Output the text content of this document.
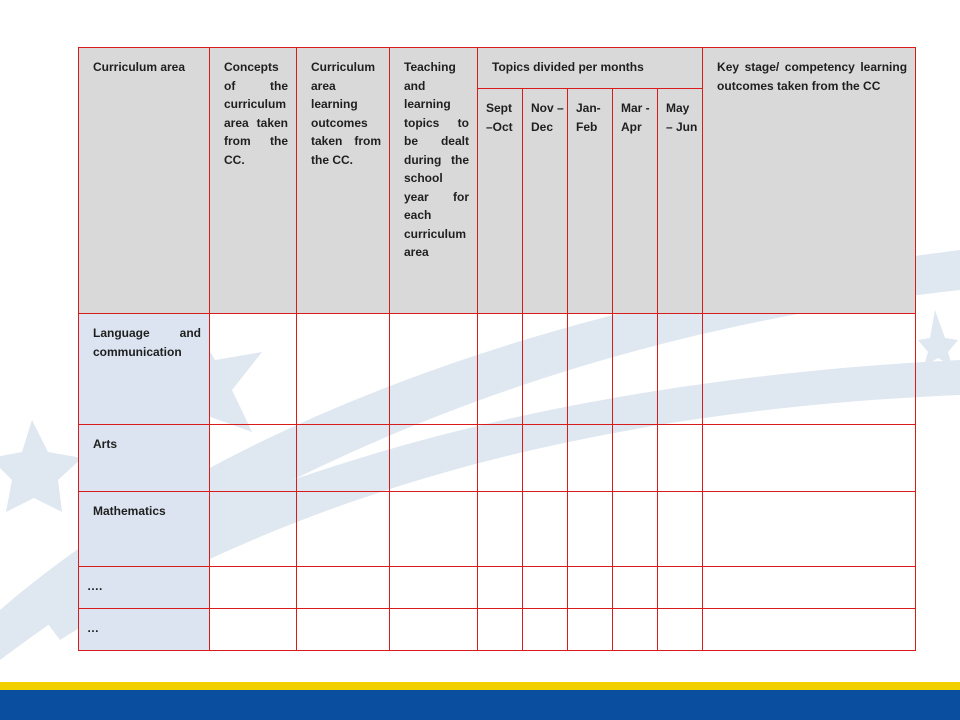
Curriculum area	Concepts of the curriculum area taken from the CC.	Curriculum area learning outcomes taken from the CC.	Teaching and learning topics to be dealt during the school year for each curriculum area	Topics divided per months					Key stage/ competency learning outcomes taken from the CC
				Sept –Oct	Nov – Dec	Jan- Feb	Mar - Apr	May – Jun	
Language and communication									
Arts									
Mathematics									
….									
…									
